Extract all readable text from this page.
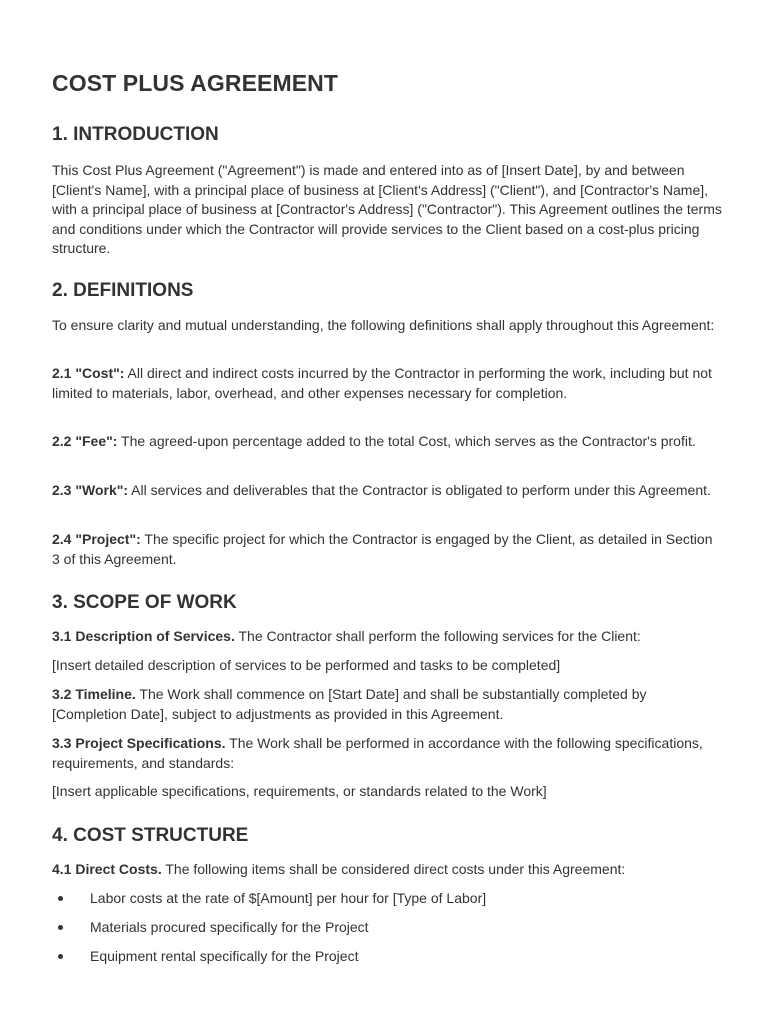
COST PLUS AGREEMENT
1. INTRODUCTION

This Cost Plus Agreement ("Agreement") is made and entered into as of [Insert Date], by and between [Client's Name], with a principal place of business at [Client's Address] ("Client"), and [Contractor's Name], with a principal place of business at [Contractor's Address] ("Contractor"). This Agreement outlines the terms and conditions under which the Contractor will provide services to the Client based on a cost-plus pricing structure.

2. DEFINITIONS

To ensure clarity and mutual understanding, the following definitions shall apply throughout this Agreement:

2.1 "Cost": All direct and indirect costs incurred by the Contractor in performing the work, including but not limited to materials, labor, overhead, and other expenses necessary for completion.

2.2 "Fee": The agreed-upon percentage added to the total Cost, which serves as the Contractor's profit.

2.3 "Work": All services and deliverables that the Contractor is obligated to perform under this Agreement.

2.4 "Project": The specific project for which the Contractor is engaged by the Client, as detailed in Section 3 of this Agreement.

3. SCOPE OF WORK

3.1 Description of Services. The Contractor shall perform the following services for the Client:

[Insert detailed description of services to be performed and tasks to be completed]

3.2 Timeline. The Work shall commence on [Start Date] and shall be substantially completed by [Completion Date], subject to adjustments as provided in this Agreement.

3.3 Project Specifications. The Work shall be performed in accordance with the following specifications, requirements, and standards:

[Insert applicable specifications, requirements, or standards related to the Work]

4. COST STRUCTURE

4.1 Direct Costs. The following items shall be considered direct costs under this Agreement:

Labor costs at the rate of $[Amount] per hour for [Type of Labor]
Materials procured specifically for the Project
Equipment rental specifically for the Project
